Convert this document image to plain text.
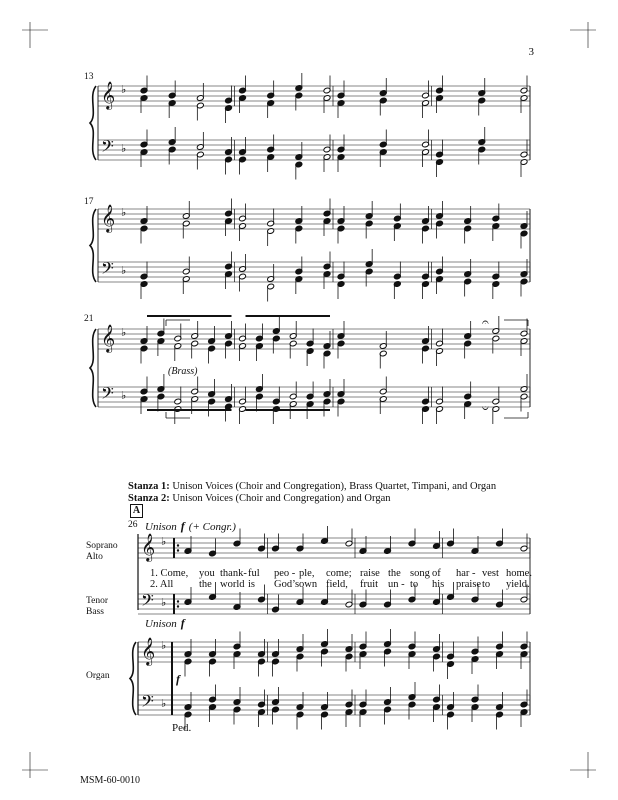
𝄞 ♭
𝄢 ♭
𝄞 ♭
𝄢 ♭
𝄞 ♭
𝄢 ♭
𝄐
𝄑
𝄞 ♭
𝄢 ♭
𝄞 ♭
𝄢 ♭
3
13
17
21
(Brass)
Stanza 1: Unison Voices (Choir and Congregation), Brass Quartet, Timpani, and Organ
Stanza 2: Unison Voices (Choir and Congregation) and Organ
A
26 Unison f (+ Congr.)
Soprano
Alto
Tenor
Bass
Organ
Unison f
f
Ped.
1. Come, you thank- ful peo - ple, come; raise the song of har - vest home.
2. All the world is God’s own field, fruit un - to his praise to yield.
MSM-60-0010
